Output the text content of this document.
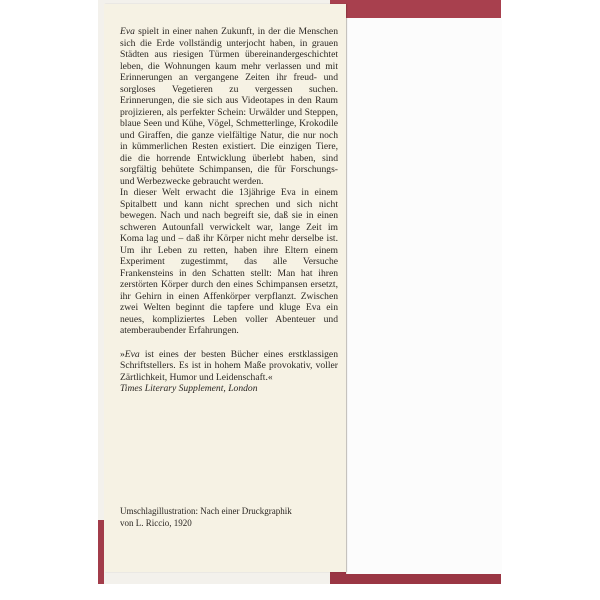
Eva spielt in einer nahen Zukunft, in der die Menschen sich die Erde vollständig unterjocht haben, in grauen Städten aus riesigen Türmen übereinandergeschichtet leben, die Wohnungen kaum mehr verlassen und mit Erinnerungen an vergangene Zeiten ihr freud- und sorgloses Vegetieren zu vergessen suchen. Erinnerungen, die sie sich aus Videotapes in den Raum projizieren, als perfekter Schein: Urwälder und Steppen, blaue Seen und Kühe, Vögel, Schmetterlinge, Krokodile und Giraffen, die ganze vielfältige Natur, die nur noch in kümmerlichen Resten existiert. Die einzigen Tiere, die die horrende Entwicklung überlebt haben, sind sorgfältig behütete Schimpansen, die für Forschungs- und Werbezwecke gebraucht werden.

In dieser Welt erwacht die 13jährige Eva in einem Spitalbett und kann nicht sprechen und sich nicht bewegen. Nach und nach begreift sie, daß sie in einen schweren Autounfall verwickelt war, lange Zeit im Koma lag und – daß ihr Körper nicht mehr derselbe ist. Um ihr Leben zu retten, haben ihre Eltern einem Experiment zugestimmt, das alle Versuche Frankensteins in den Schatten stellt: Man hat ihren zerstörten Körper durch den eines Schimpansen ersetzt, ihr Gehirn in einen Affenkörper verpflanzt. Zwischen zwei Welten beginnt die tapfere und kluge Eva ein neues, kompliziertes Leben voller Abenteuer und atemberaubender Erfahrungen.

»Eva ist eines der besten Bücher eines erstklassigen Schriftstellers. Es ist in hohem Maße provokativ, voller Zärtlichkeit, Humor und Leidenschaft.«

Times Literary Supplement, London

Umschlagillustration: Nach einer Druckgraphik
von L. Riccio, 1920
